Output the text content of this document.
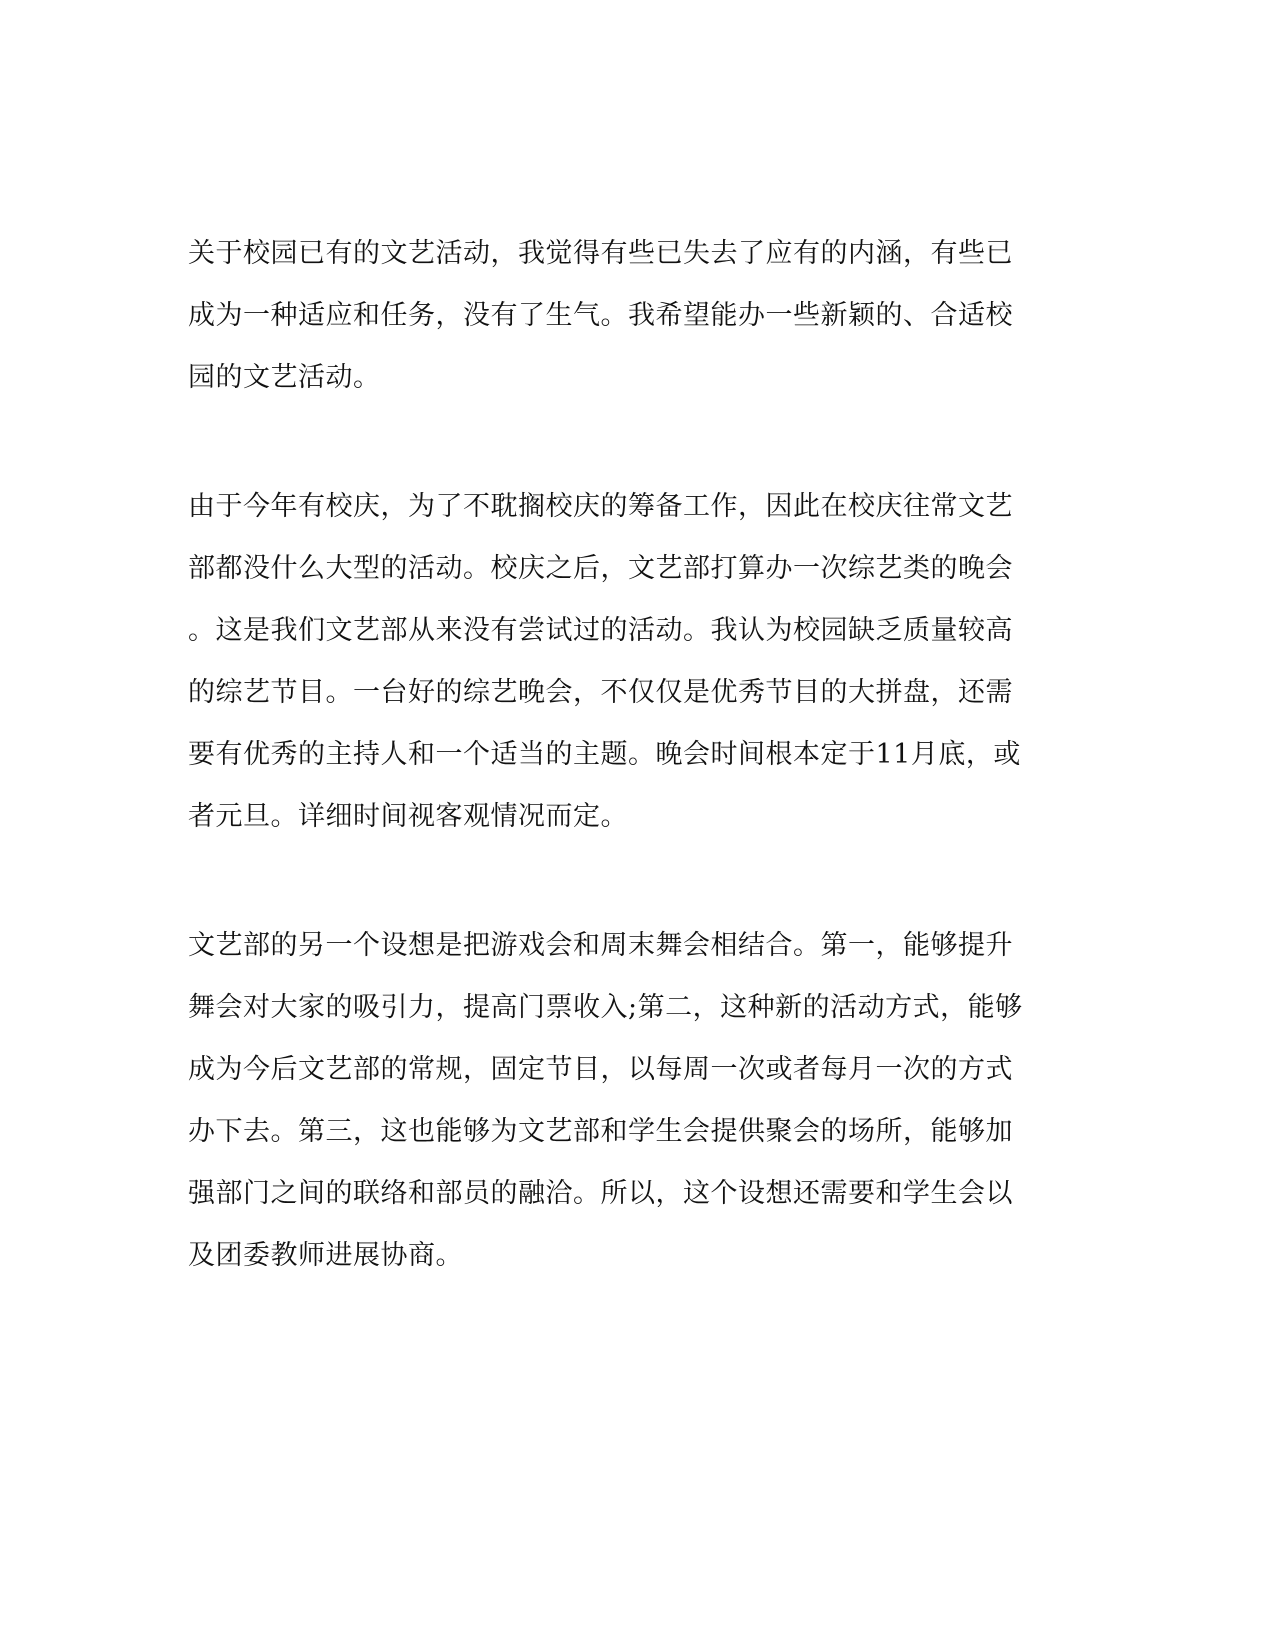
关于校园已有的文艺活动，我觉得有些已失去了应有的内涵，有些已
成为一种适应和任务，没有了生气。我希望能办一些新颖的、合适校
园的文艺活动。
由于今年有校庆，为了不耽搁校庆的筹备工作，因此在校庆往常文艺
部都没什么大型的活动。校庆之后，文艺部打算办一次综艺类的晚会
。这是我们文艺部从来没有尝试过的活动。我认为校园缺乏质量较高
的综艺节目。一台好的综艺晚会，不仅仅是优秀节目的大拼盘，还需
要有优秀的主持人和一个适当的主题。晚会时间根本定于11月底，或
者元旦。详细时间视客观情况而定。
文艺部的另一个设想是把游戏会和周末舞会相结合。第一，能够提升
舞会对大家的吸引力，提高门票收入;第二，这种新的活动方式，能够
成为今后文艺部的常规，固定节目，以每周一次或者每月一次的方式
办下去。第三，这也能够为文艺部和学生会提供聚会的场所，能够加
强部门之间的联络和部员的融洽。所以，这个设想还需要和学生会以
及团委教师进展协商。
